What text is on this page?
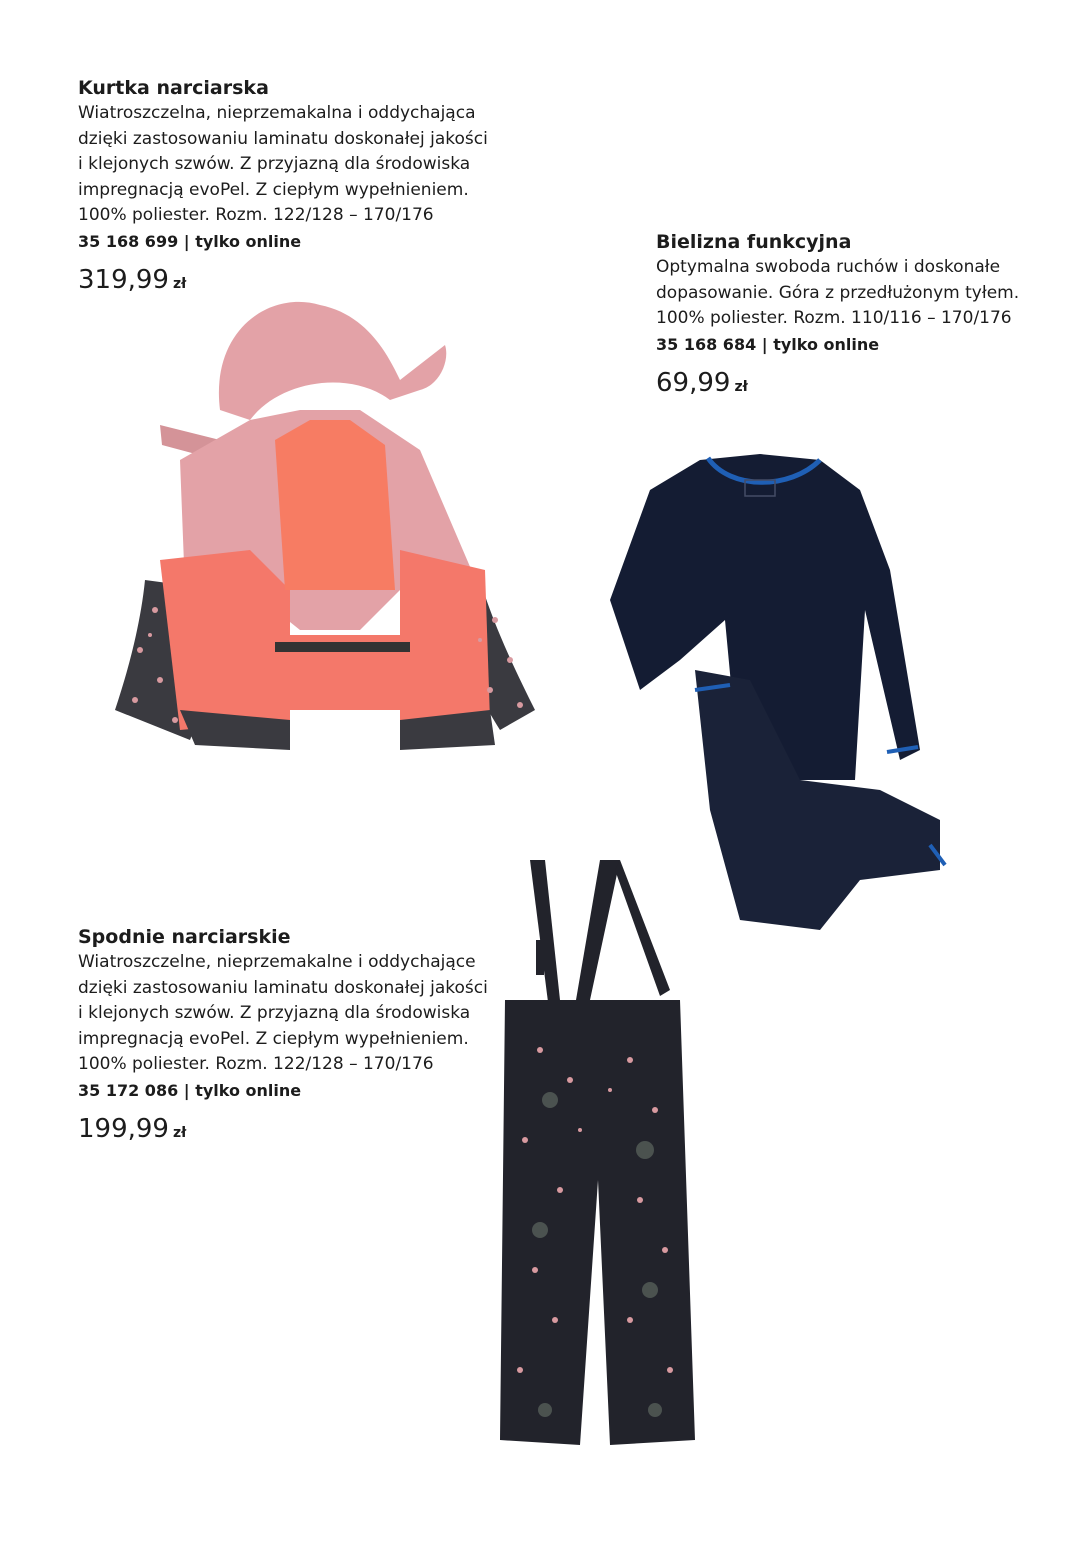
Kurtka narciarska

Wiatroszczelna, nieprzemakalna i oddychająca
dzięki zastosowaniu laminatu doskonałej jakości
i klejonych szwów. Z przyjazną dla środowiska
impregnacją evoPel. Z ciepłym wypełnieniem.
100% poliester. Rozm. 122/128 – 170/176

35 168 699 | tylko online

319,99 zł

Bielizna funkcyjna

Optymalna swoboda ruchów i doskonałe
dopasowanie. Góra z przedłużonym tyłem.
100% poliester. Rozm. 110/116 – 170/176

35 168 684 | tylko online

69,99 zł

Spodnie narciarskie

Wiatroszczelne, nieprzemakalne i oddychające
dzięki zastosowaniu laminatu doskonałej jakości
i klejonych szwów. Z przyjazną dla środowiska
impregnacją evoPel. Z ciepłym wypełnieniem.
100% poliester. Rozm. 122/128 – 170/176

35 172 086 | tylko online

199,99 zł
